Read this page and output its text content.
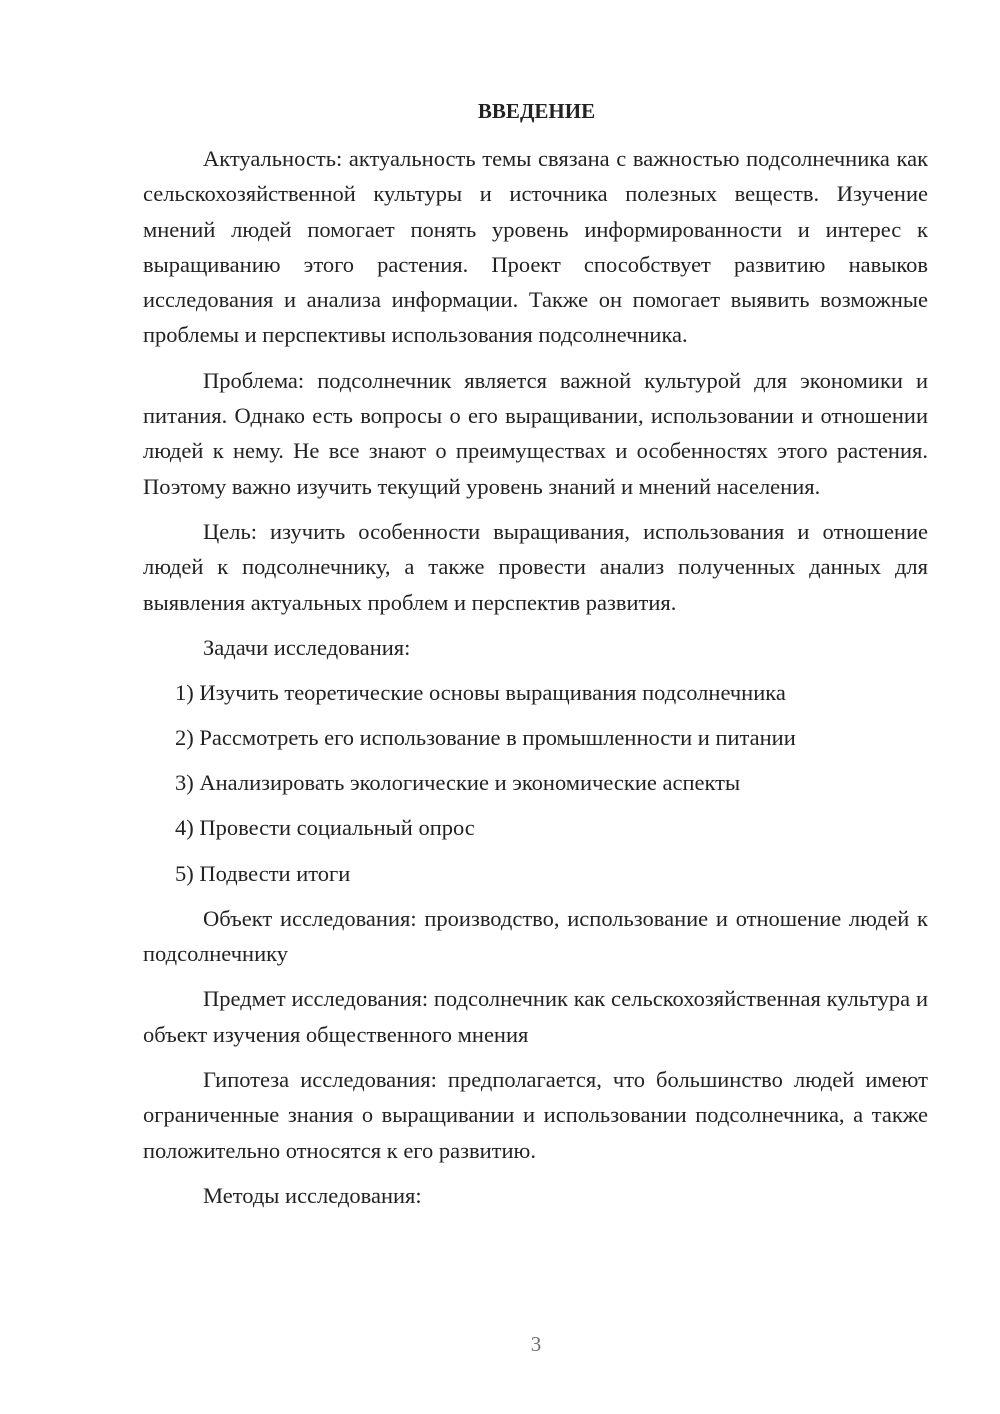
ВВЕДЕНИЕ

Актуальность: актуальность темы связана с важностью подсолнечника как сельскохозяйственной культуры и источника полезных веществ. Изучение мнений людей помогает понять уровень информированности и интерес к выращиванию этого растения. Проект способствует развитию навыков исследования и анализа информации. Также он помогает выявить возможные проблемы и перспективы использования подсолнечника.

Проблема: подсолнечник является важной культурой для экономики и питания. Однако есть вопросы о его выращивании, использовании и отношении людей к нему. Не все знают о преимуществах и особенностях этого растения. Поэтому важно изучить текущий уровень знаний и мнений населения.

Цель: изучить особенности выращивания, использования и отношение людей к подсолнечнику, а также провести анализ полученных данных для выявления актуальных проблем и перспектив развития.

Задачи исследования:

1) Изучить теоретические основы выращивания подсолнечника
2) Рассмотреть его использование в промышленности и питании
3) Анализировать экологические и экономические аспекты
4) Провести социальный опрос
5) Подвести итоги

Объект исследования: производство, использование и отношение людей к подсолнечнику

Предмет исследования: подсолнечник как сельскохозяйственная культура и объект изучения общественного мнения

Гипотеза исследования: предполагается, что большинство людей имеют ограниченные знания о выращивании и использовании подсолнечника, а также положительно относятся к его развитию.

Методы исследования:

3
